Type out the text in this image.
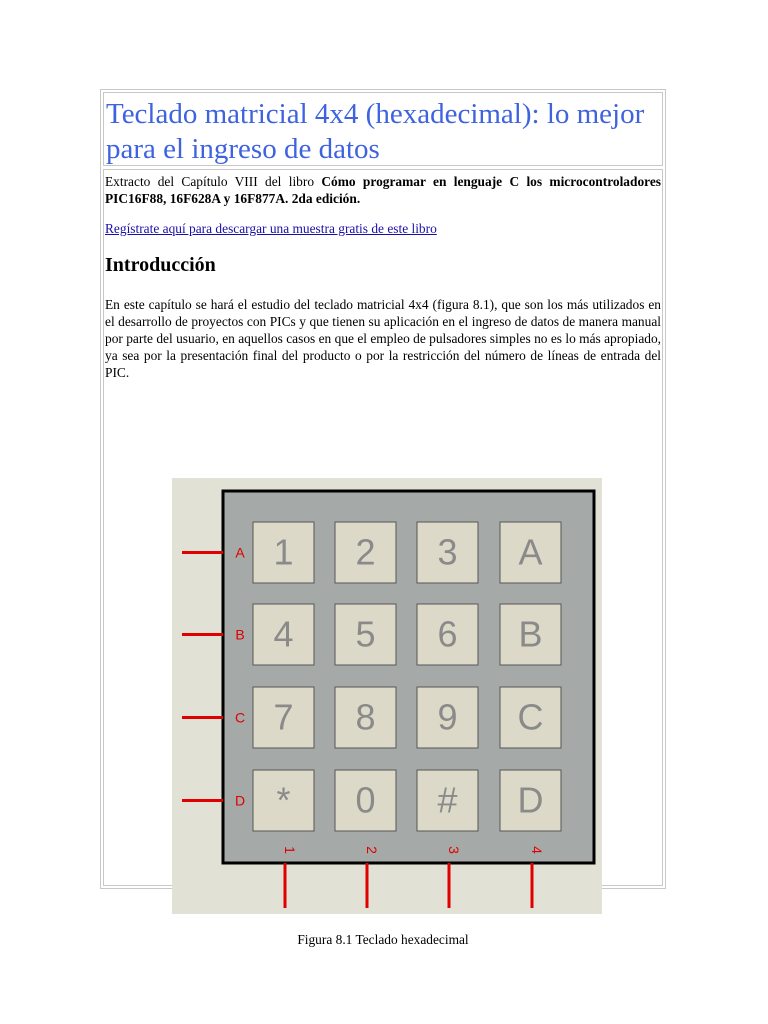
Teclado matricial 4x4 (hexadecimal): lo mejor para el ingreso de datos

Extracto del Capítulo VIII del libro Cómo programar en lenguaje C los microcontroladores PIC16F88, 16F628A y 16F877A. 2da edición.

Regístrate aquí para descargar una muestra gratis de este libro
Introducción

En este capítulo se hará el estudio del teclado matricial 4x4 (figura 8.1), que son los más utilizados en el desarrollo de proyectos con PICs y que tienen su aplicación en el ingreso de datos de manera manual por parte del usuario, en aquellos casos en que el empleo de pulsadores simples no es lo más apropiado, ya sea por la presentación final del producto o por la restricción del número de líneas de entrada del PIC.

1 2 3 A
4 5 6 B
7 8 9 C
* 0 # D
A
B
C
D
1	2	3	4
Figura 8.1 Teclado hexadecimal
